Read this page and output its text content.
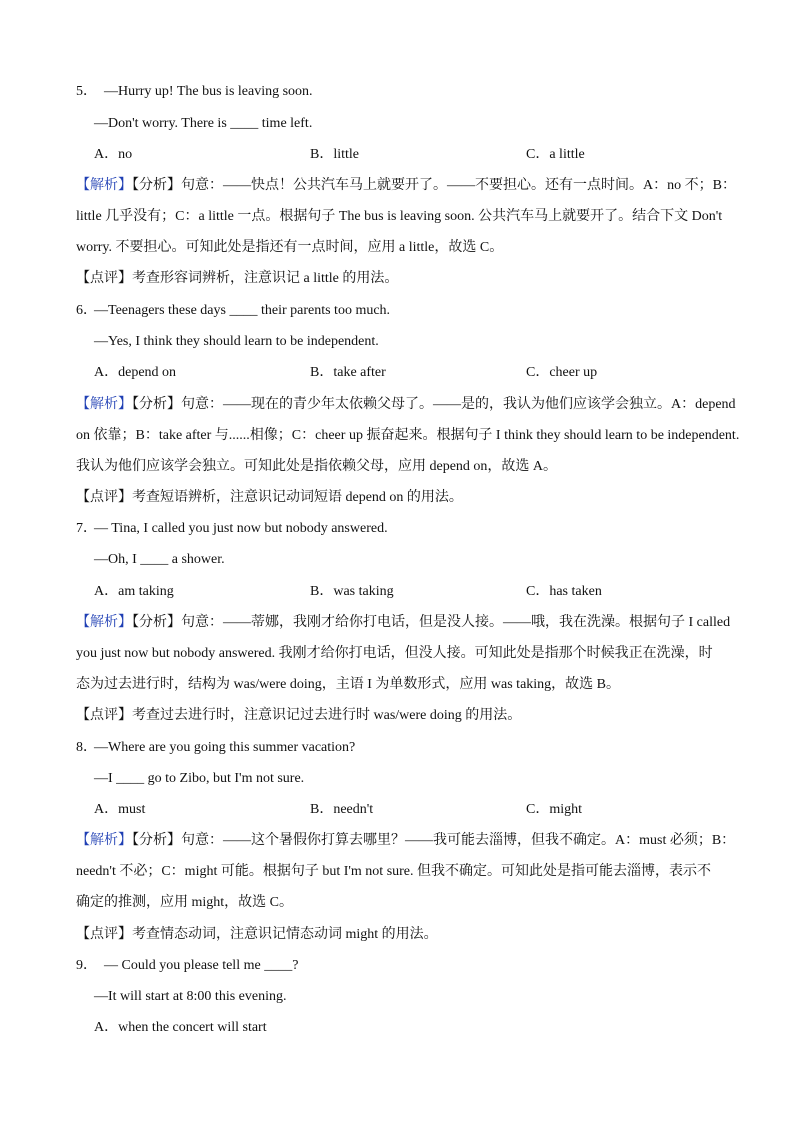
5． —Hurry up! The bus is leaving soon.
—Don't worry. There is ____ time left.
A．no	B．little	C．a little
【解析】【分析】句意：——快点！公共汽车马上就要开了。——不要担心。还有一点时间。A：no 不；B：
little 几乎没有；C：a little 一点。根据句子 The bus is leaving soon. 公共汽车马上就要开了。结合下文 Don't
worry. 不要担心。可知此处是指还有一点时间，应用 a little，故选 C。
【点评】考查形容词辨析，注意识记 a little 的用法。
6．
—Teenagers these days ____ their parents too much.
—Yes, I think they should learn to be independent.
A．depend on	B．take after	C．cheer up
【解析】【分析】句意：——现在的青少年太依赖父母了。——是的，我认为他们应该学会独立。A：depend
on 依靠；B：take after 与......相像；C：cheer up 振奋起来。根据句子 I think they should learn to be independent.
我认为他们应该学会独立。可知此处是指依赖父母，应用 depend on，故选 A。
【点评】考查短语辨析，注意识记动词短语 depend on 的用法。
7．
— Tina, I called you just now but nobody answered.
—Oh, I ____ a shower.
A．am taking	B．was taking	C．has taken
【解析】【分析】句意：——蒂娜，我刚才给你打电话，但是没人接。——哦，我在洗澡。根据句子 I called
you just now but nobody answered. 我刚才给你打电话，但没人接。可知此处是指那个时候我正在洗澡，时
态为过去进行时，结构为 was/were doing，主语 I 为单数形式，应用 was taking，故选 B。
【点评】考查过去进行时，注意识记过去进行时 was/were doing 的用法。
8．
—Where are you going this summer vacation?
—I ____ go to Zibo, but I'm not sure.
A．must	B．needn't	C．might
【解析】【分析】句意：——这个暑假你打算去哪里？——我可能去淄博，但我不确定。A：must 必须；B：
needn't 不必；C：might 可能。根据句子 but I'm not sure. 但我不确定。可知此处是指可能去淄博，表示不
确定的推测，应用 might，故选 C。
【点评】考查情态动词，注意识记情态动词 might 的用法。
9． — Could you please tell me ____?
—It will start at 8:00 this evening.
A．when the concert will start
